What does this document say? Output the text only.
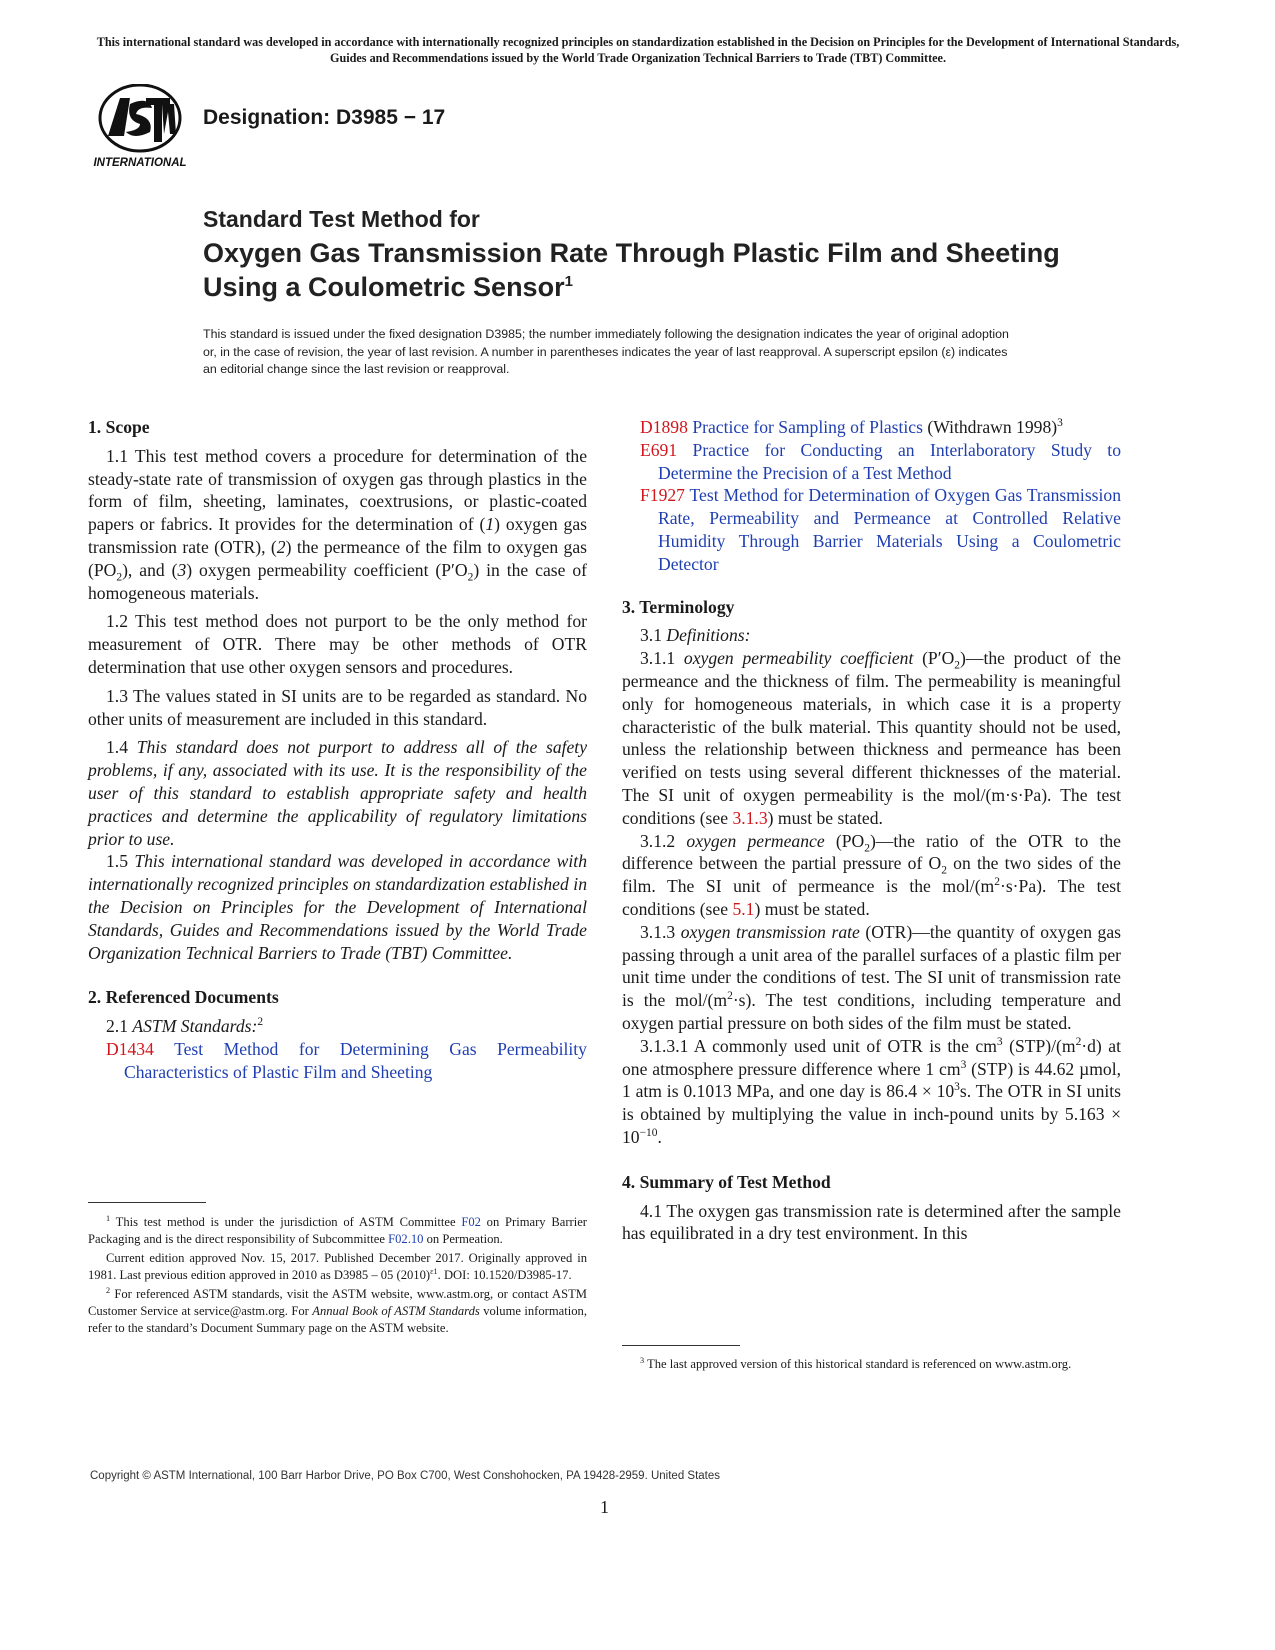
This international standard was developed in accordance with internationally recognized principles on standardization established in the Decision on Principles for the Development of International Standards, Guides and Recommendations issued by the World Trade Organization Technical Barriers to Trade (TBT) Committee.
INTERNATIONAL
Designation: D3985 − 17
Standard Test Method for
Oxygen Gas Transmission Rate Through Plastic Film and Sheeting Using a Coulometric Sensor$^1$
This standard is issued under the fixed designation D3985; the number immediately following the designation indicates the year of original adoption or, in the case of revision, the year of last revision. A number in parentheses indicates the year of last reapproval. A superscript epsilon (ε) indicates an editorial change since the last revision or reapproval.
1. Scope

1.1 This test method covers a procedure for determination of the steady-state rate of transmission of oxygen gas through plastics in the form of film, sheeting, laminates, coextrusions, or plastic-coated papers or fabrics. It provides for the determination of (1) oxygen gas transmission rate (OTR), (2) the permeance of the film to oxygen gas $(PO_2)$, and (3) oxygen permeability coefficient $(P'O_2)$ in the case of homogeneous materials.

1.2 This test method does not purport to be the only method for measurement of OTR. There may be other methods of OTR determination that use other oxygen sensors and procedures.

1.3 The values stated in SI units are to be regarded as standard. No other units of measurement are included in this standard.

1.4 This standard does not purport to address all of the safety problems, if any, associated with its use. It is the responsibility of the user of this standard to establish appropriate safety and health practices and determine the applicability of regulatory limitations prior to use.

1.5 This international standard was developed in accordance with internationally recognized principles on standardization established in the Decision on Principles for the Development of International Standards, Guides and Recommendations issued by the World Trade Organization Technical Barriers to Trade (TBT) Committee.

2. Referenced Documents

2.1 ASTM Standards:$^2$

D1434 Test Method for Determining Gas Permeability Characteristics of Plastic Film and Sheeting

$^1$ This test method is under the jurisdiction of ASTM Committee F02 on Primary Barrier Packaging and is the direct responsibility of Subcommittee F02.10 on Permeation.

Current edition approved Nov. 15, 2017. Published December 2017. Originally approved in 1981. Last previous edition approved in 2010 as D3985 – 05 $(2010)^{\varepsilon 1}$. DOI: 10.1520/D3985-17.

$^2$ For referenced ASTM standards, visit the ASTM website, www.astm.org, or contact ASTM Customer Service at service@astm.org. For Annual Book of ASTM Standards volume information, refer to the standard’s Document Summary page on the ASTM website.

D1898 Practice for Sampling of Plastics (Withdrawn 1998)$^3$

E691 Practice for Conducting an Interlaboratory Study to Determine the Precision of a Test Method

F1927 Test Method for Determination of Oxygen Gas Transmission Rate, Permeability and Permeance at Controlled Relative Humidity Through Barrier Materials Using a Coulometric Detector

3. Terminology

3.1 Definitions:

3.1.1 oxygen permeability coefficient $(P'O_2)—the$ product of the permeance and the thickness of film. The permeability is meaningful only for homogeneous materials, in which case it is a property characteristic of the bulk material. This quantity should not be used, unless the relationship between thickness and permeance has been verified on tests using several different thicknesses of the material. The SI unit of oxygen permeability is the mol/(m·s·Pa). The test conditions (see 3.1.3) must be stated.

3.1.2 oxygen permeance $(PO_2)—the$ ratio of the OTR to the difference between the partial pressure of $O_2$ on the two sides of the film. The SI unit of permeance is the mol/$(m^2\cdot s\cdot Pa)$. The test conditions (see 5.1) must be stated.

3.1.3 oxygen transmission rate (OTR)—the quantity of oxygen gas passing through a unit area of the parallel surfaces of a plastic film per unit time under the conditions of test. The SI unit of transmission rate is the mol/$(m^2\cdot s)$. The test conditions, including temperature and oxygen partial pressure on both sides of the film must be stated.

3.1.3.1 A commonly used unit of OTR is the $cm^3$ $(STP)/(m^2\cdot d)$ at one atmosphere pressure difference where 1 $cm^3$ (STP) is 44.62 µmol, 1 atm is 0.1013 MPa, and one day is $86.4 \times 10^3s$. The OTR in SI units is obtained by multiplying the value in inch-pound units by $5.163 \times 10^{-10}$.

4. Summary of Test Method

4.1 The oxygen gas transmission rate is determined after the sample has equilibrated in a dry test environment. In this

$^3$ The last approved version of this historical standard is referenced on www.astm.org.

Copyright © ASTM International, 100 Barr Harbor Drive, PO Box C700, West Conshohocken, PA 19428-2959. United States
1
